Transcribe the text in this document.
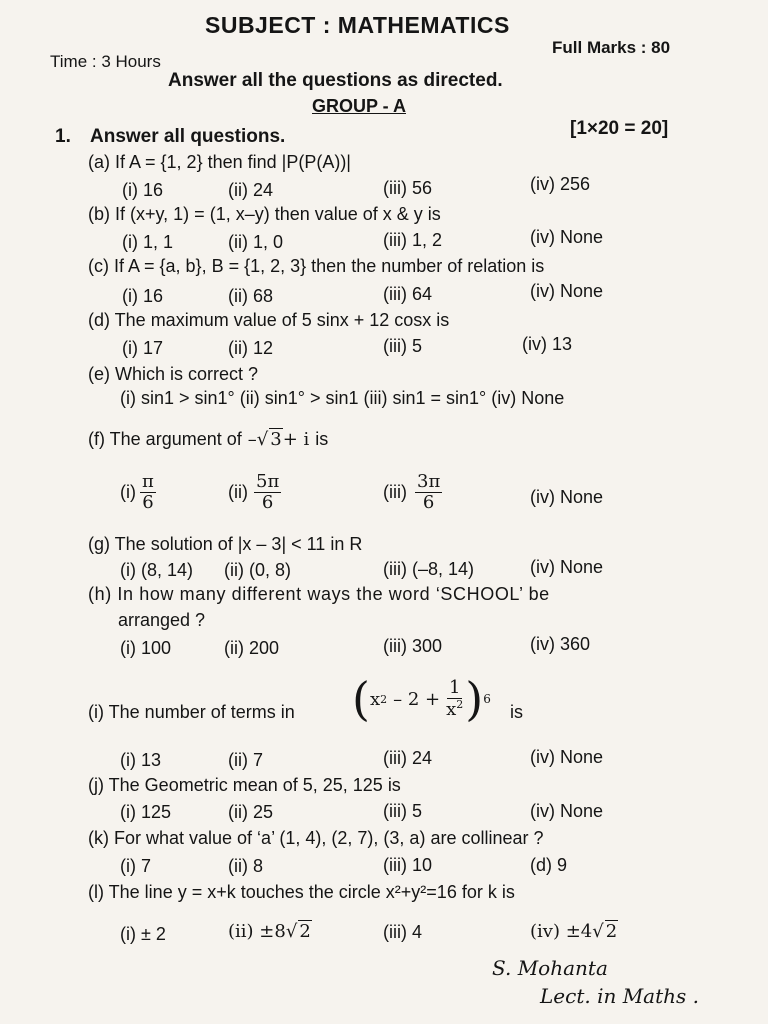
SUBJECT : MATHEMATICS
Time : 3 Hours
Full Marks : 80
Answer all the questions as directed.
GROUP - A
1. Answer all questions.	[1×20 = 20]
(a) If A = {1, 2} then find |P(P(A))|
(i) 16	(ii) 24	(iii) 56	(iv) 256
(b) If (x+y, 1) = (1, x–y) then value of x & y is
(i) 1, 1	(ii) 1, 0	(iii) 1, 2	(iv) None
(c) If A = {a, b}, B = {1, 2, 3} then the number of relation is
(i) 16	(ii) 68	(iii) 64	(iv) None
(d) The maximum value of 5 sinx + 12 cosx is
(i) 17	(ii) 12	(iii) 5	(iv) 13
(e) Which is correct ?
(i) sin1 > sin1° (ii) sin1° > sin1 (iii) sin1 = sin1° (iv) None
(f) The argument of –√ 3+ i is
$(i) \frac{\pi}{6}$	$(ii) \frac{5\pi}{6}$	$(iii) \frac{3\pi}{6}$	(iv) None
(g) The solution of |x – 3| < 11 in R
(i) (8, 14) (ii) (0, 8)	(iii) (–8, 14)	(iv) None
(h) In how many different ways the word ‘SCHOOL’ be
arranged ?
(i) 100	(ii) 200	(iii) 300	(iv) 360
(i) The number of terms in ( x $2 - 2 + \frac{1}{x^2}$ ) 6
is
(i) 13	(ii) 7	(iii) 24	(iv) None
(j) The Geometric mean of 5, 25, 125 is
(i) 125	(ii) 25	(iii) 5	(iv) None
(k) For what value of ‘a’ (1, 4), (2, 7), (3, a) are collinear ?
(i) 7	(ii) 8	(iii) 10	(d) 9
(l) The line y = x+k touches the circle x²+y²=16 for k is
(i) ± 2	(ii) ±8√ 2	(iii) 4	(iv) ±4√ 2
S. Mohanta
Lect. in Maths .
